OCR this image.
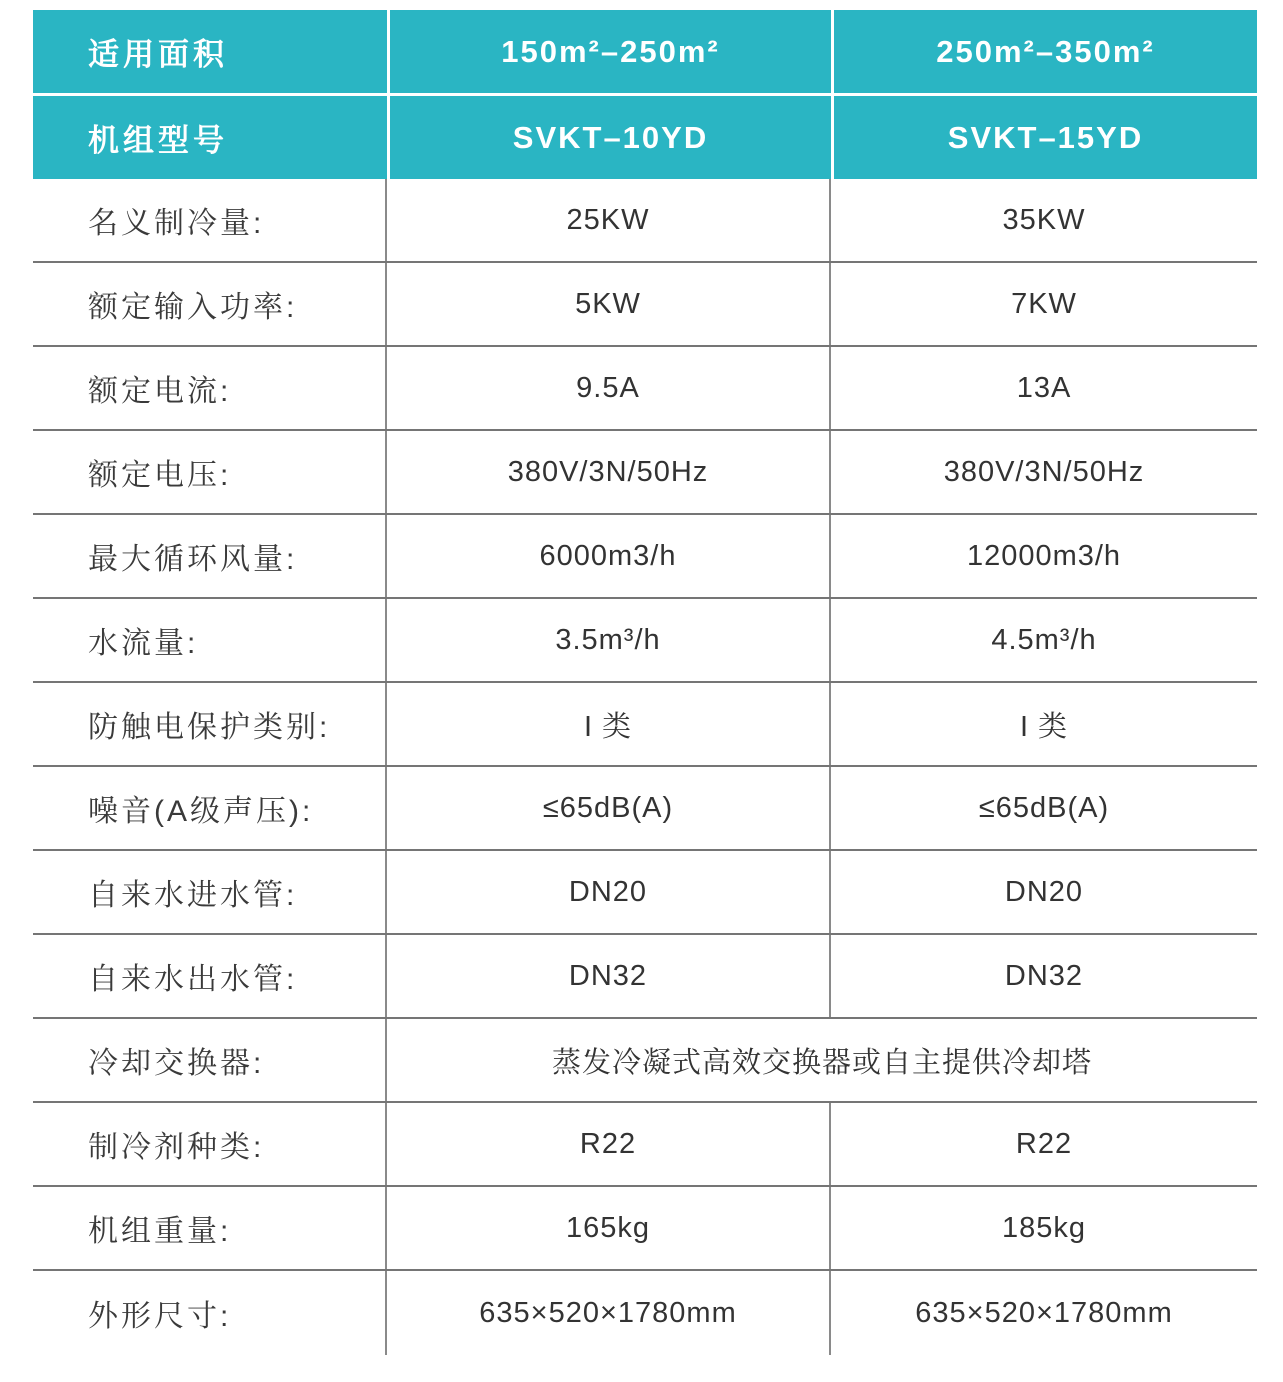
适用面积	150m²–250m²	250m²–350m²
机组型号	SVKT–10YD	SVKT–15YD
名义制冷量:	25KW	35KW
额定输入功率:	5KW	7KW
额定电流:	9.5A	13A
额定电压:	380V/3N/50Hz	380V/3N/50Hz
最大循环风量:	6000m3/h	12000m3/h
水流量:	3.5m³/h	4.5m³/h
防触电保护类别:	I 类	I 类
噪音(A级声压):	≤65dB(A)	≤65dB(A)
自来水进水管:	DN20	DN20
自来水出水管:	DN32	DN32
冷却交换器:	蒸发冷凝式高效交换器或自主提供冷却塔
制冷剂种类:	R22	R22
机组重量:	165kg	185kg
外形尺寸:	635×520×1780mm	635×520×1780mm
